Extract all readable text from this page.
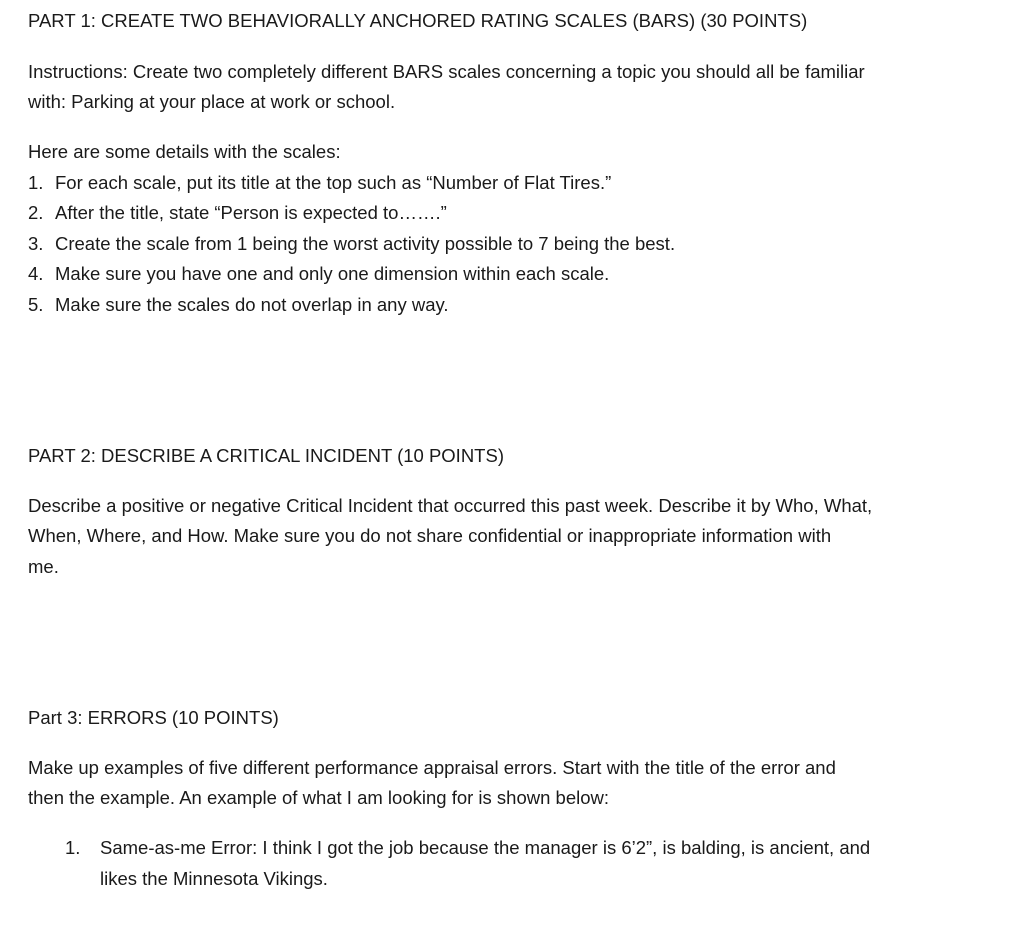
PART 1: CREATE TWO BEHAVIORALLY ANCHORED RATING SCALES (BARS) (30 POINTS)
Instructions: Create two completely different BARS scales concerning a topic you should all be familiar
with: Parking at your place at work or school.
Here are some details with the scales:
1. For each scale, put its title at the top such as “Number of Flat Tires.”
2. After the title, state “Person is expected to…….”
3. Create the scale from 1 being the worst activity possible to 7 being the best.
4. Make sure you have one and only one dimension within each scale.
5. Make sure the scales do not overlap in any way.
PART 2: DESCRIBE A CRITICAL INCIDENT (10 POINTS)
Describe a positive or negative Critical Incident that occurred this past week. Describe it by Who, What,
When, Where, and How. Make sure you do not share confidential or inappropriate information with
me.
Part 3: ERRORS (10 POINTS)
Make up examples of five different performance appraisal errors. Start with the title of the error and
then the example. An example of what I am looking for is shown below:
1. Same-as-me Error: I think I got the job because the manager is 6’2”, is balding, is ancient, and
likes the Minnesota Vikings.
